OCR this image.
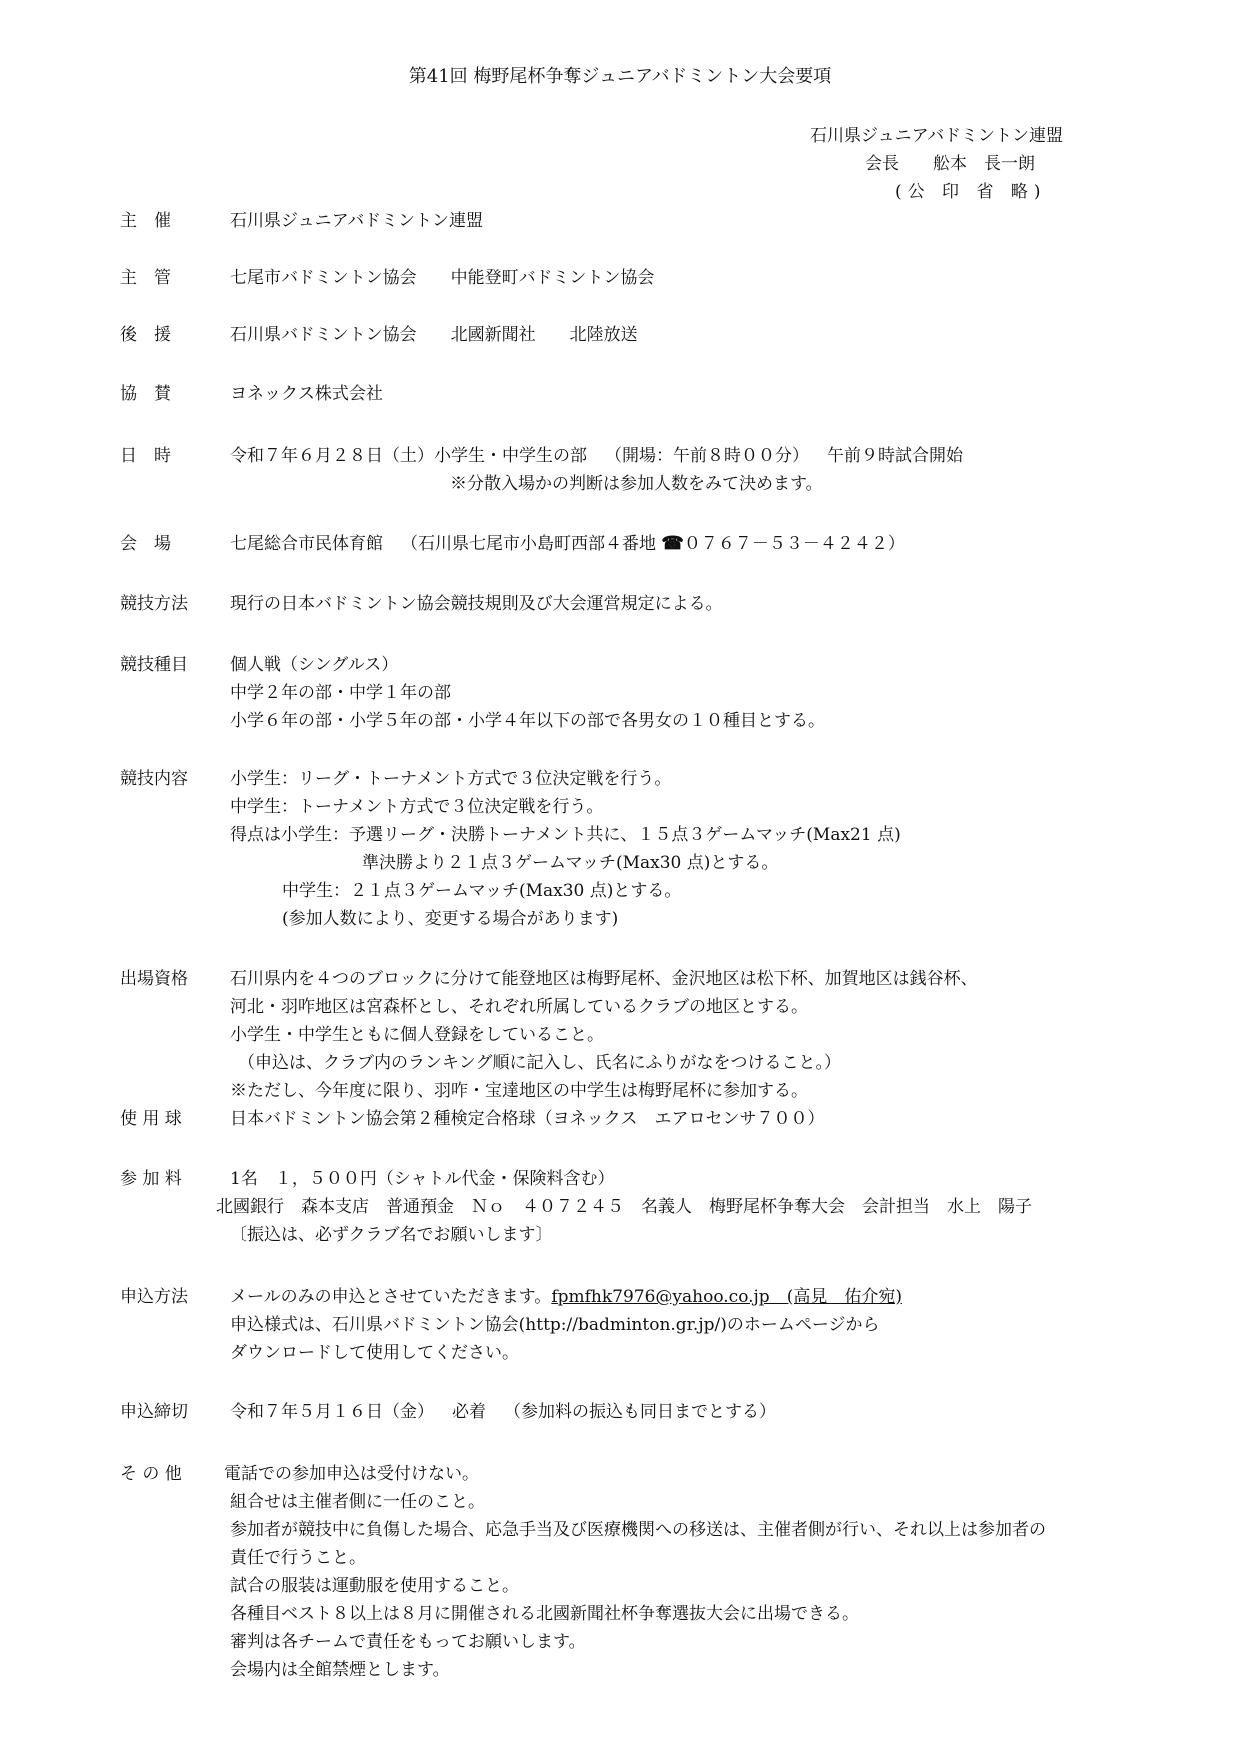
第41回 梅野尾杯争奪ジュニアバドミントン大会要項
石川県ジュニアバドミントン連盟
会長　　舩本　長一朗
(公 印 省 略)
主　催	石川県ジュニアバドミントン連盟
主　管	七尾市バドミントン協会 中能登町バドミントン協会
後　援	石川県バドミントン協会 北國新聞社 北陸放送
協　賛	ヨネックス株式会社
日　時	令和７年６月２８日（土）小学生・中学生の部 （開場：午前８時００分） 午前９時試合開始
※分散入場かの判断は参加人数をみて決めます。
会　場	七尾総合市民体育館 （石川県七尾市小島町西部４番地 ☎０７６７－５３－４２４２）
競技方法	現行の日本バドミントン協会競技規則及び大会運営規定による。
競技種目	個人戦（シングルス）
中学２年の部・中学１年の部
小学６年の部・小学５年の部・小学４年以下の部で各男女の１０種目とする。
競技内容	小学生：リーグ・トーナメント方式で３位決定戦を行う。
中学生：トーナメント方式で３位決定戦を行う。
得点は小学生：予選リーグ・決勝トーナメント共に、１５点３ゲームマッチ(Max21 点)
準決勝より２１点３ゲームマッチ(Max30 点)とする。
中学生：２１点３ゲームマッチ(Max30 点)とする。
(参加人数により、変更する場合があります)
出場資格	石川県内を４つのブロックに分けて能登地区は梅野尾杯、金沢地区は松下杯、加賀地区は銭谷杯、
河北・羽咋地区は宮森杯とし、それぞれ所属しているクラブの地区とする。
小学生・中学生ともに個人登録をしていること。
（申込は、クラブ内のランキング順に記入し、氏名にふりがなをつけること。）
※ただし、今年度に限り、羽咋・宝達地区の中学生は梅野尾杯に参加する。
使 用 球	日本バドミントン協会第２種検定合格球（ヨネックス　エアロセンサ７００）
参 加 料	1名　１，５００円（シャトル代金・保険料含む）
北國銀行　森本支店　普通預金　Ｎｏ　４０７２４５　名義人　梅野尾杯争奪大会　会計担当　水上　陽子
〔振込は、必ずクラブ名でお願いします〕
申込方法	メールのみの申込とさせていただきます。fpmfhk7976@yahoo.co.jp　(高見　佑介宛)
申込様式は、石川県バドミントン協会(http://badminton.gr.jp/)のホームページから
ダウンロードして使用してください。
申込締切	令和７年５月１６日（金） 必着 （参加料の振込も同日までとする）
そ の 他	電話での参加申込は受付けない。
組合せは主催者側に一任のこと。
参加者が競技中に負傷した場合、応急手当及び医療機関への移送は、主催者側が行い、それ以上は参加者の
責任で行うこと。
試合の服装は運動服を使用すること。
各種目ベスト８以上は８月に開催される北國新聞社杯争奪選抜大会に出場できる。
審判は各チームで責任をもってお願いします。
会場内は全館禁煙とします。
